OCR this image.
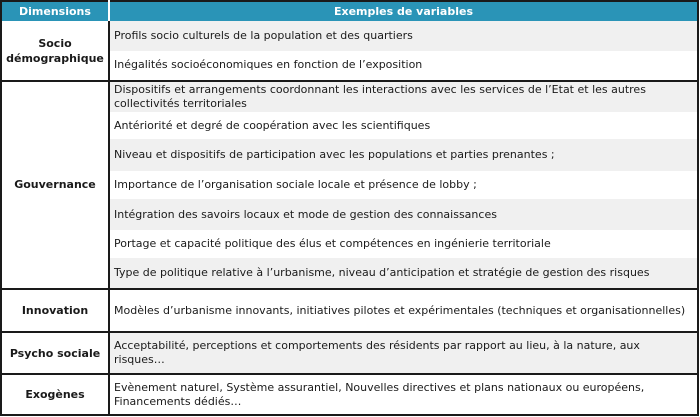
Dimensions	Exemples de variables
Socio démographique	Profils socio culturels de la population et des quartiers
	Inégalités socioéconomiques en fonction de l’exposition
Gouvernance	Dispositifs et arrangements coordonnant les interactions avec les services de l’Etat et les autres collectivités territoriales
	Antériorité et degré de coopération avec les scientifiques
	Niveau et dispositifs de participation avec les populations et parties prenantes ;
	Importance de l’organisation sociale locale et présence de lobby ;
	Intégration des savoirs locaux et mode de gestion des connaissances
	Portage et capacité politique des élus et compétences en ingénierie territoriale
	Type de politique relative à l’urbanisme, niveau d’anticipation et stratégie de gestion des risques
Innovation	Modèles d’urbanisme innovants, initiatives pilotes et expérimentales (techniques et organisationnelles)
Psycho sociale	Acceptabilité, perceptions et comportements des résidents par rapport au lieu, à la nature, aux risques…
Exogènes	Evènement naturel, Système assurantiel, Nouvelles directives et plans nationaux ou européens, Financements dédiés…
